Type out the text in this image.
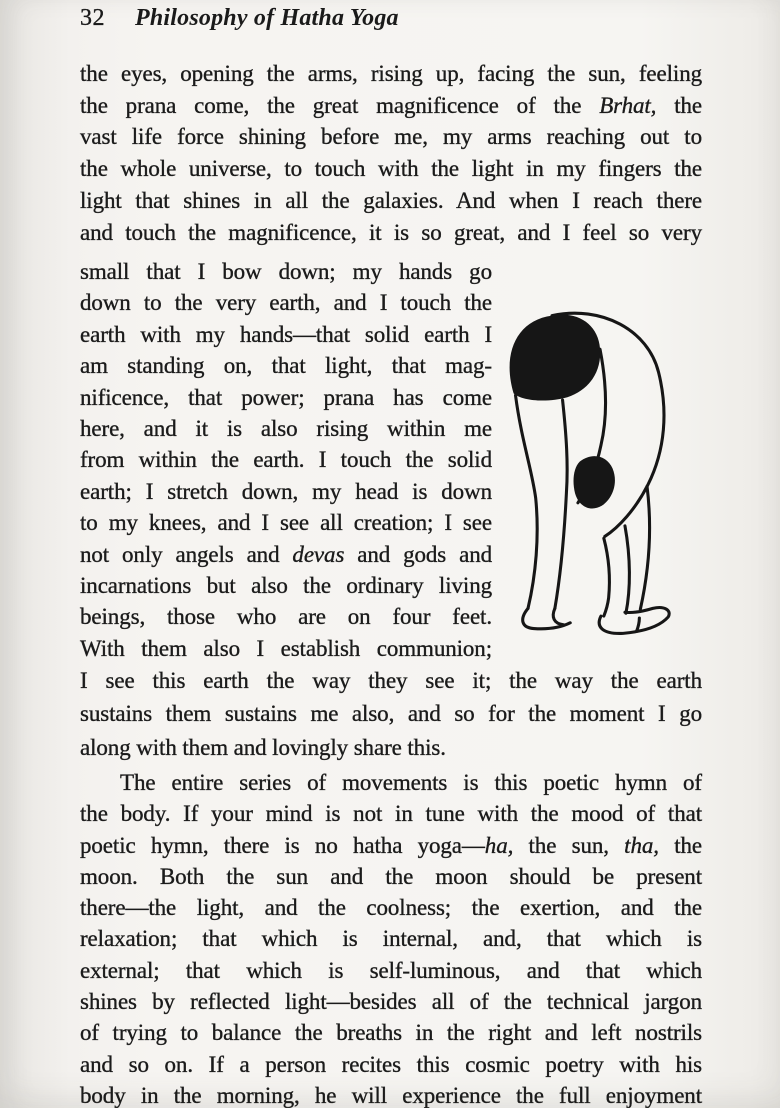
32 Philosophy of Hatha Yoga
the eyes, opening the arms, rising up, facing the sun, feeling
the prana come, the great magnificence of the Brhat, the
vast life force shining before me, my arms reaching out to
the whole universe, to touch with the light in my fingers the
light that shines in all the galaxies. And when I reach there
and touch the magnificence, it is so great, and I feel so very
small that I bow down; my hands go
down to the very earth, and I touch the
earth with my hands—that solid earth I
am standing on, that light, that mag-
nificence, that power; prana has come
here, and it is also rising within me
from within the earth. I touch the solid
earth; I stretch down, my head is down
to my knees, and I see all creation; I see
not only angels and devas and gods and
incarnations but also the ordinary living
beings, those who are on four feet.
With them also I establish communion;
I see this earth the way they see it; the way the earth
sustains them sustains me also, and so for the moment I go
along with them and lovingly share this.
The entire series of movements is this poetic hymn of
the body. If your mind is not in tune with the mood of that
poetic hymn, there is no hatha yoga—ha, the sun, tha, the
moon. Both the sun and the moon should be present
there—the light, and the coolness; the exertion, and the
relaxation; that which is internal, and, that which is
external; that which is self-luminous, and that which
shines by reflected light—besides all of the technical jargon
of trying to balance the breaths in the right and left nostrils
and so on. If a person recites this cosmic poetry with his
body in the morning, he will experience the full enjoyment
